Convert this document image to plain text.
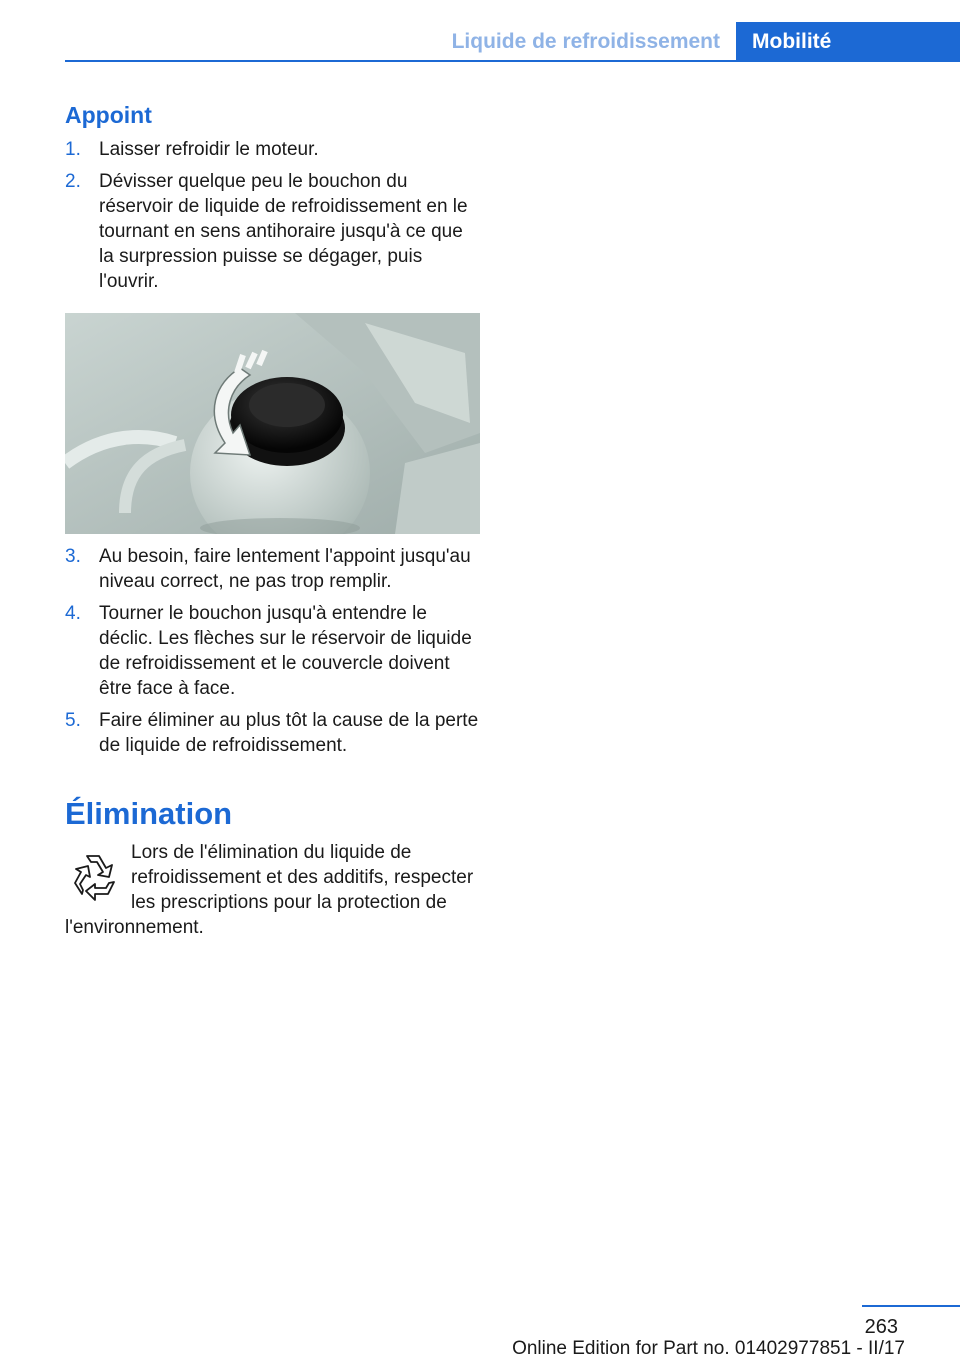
Liquide de refroidissement	Mobilité
Appoint
1. Laisser refroidir le moteur.
2. Dévisser quelque peu le bouchon du réservoir de liquide de refroidissement en le tournant en sens antihoraire jusqu'à ce que la surpression puisse se dégager, puis l'ouvrir.
3. Au besoin, faire lentement l'appoint jusqu'au niveau correct, ne pas trop remplir.
4. Tourner le bouchon jusqu'à entendre le déclic. Les flèches sur le réservoir de liquide de refroidissement et le couvercle doivent être face à face.
5. Faire éliminer au plus tôt la cause de la perte de liquide de refroidissement.
Élimination
Lors de l'élimination du liquide de refroidissement et des additifs, respecter les prescriptions pour la protection de l'environnement.
263
Online Edition for Part no. 01402977851 - II/17
